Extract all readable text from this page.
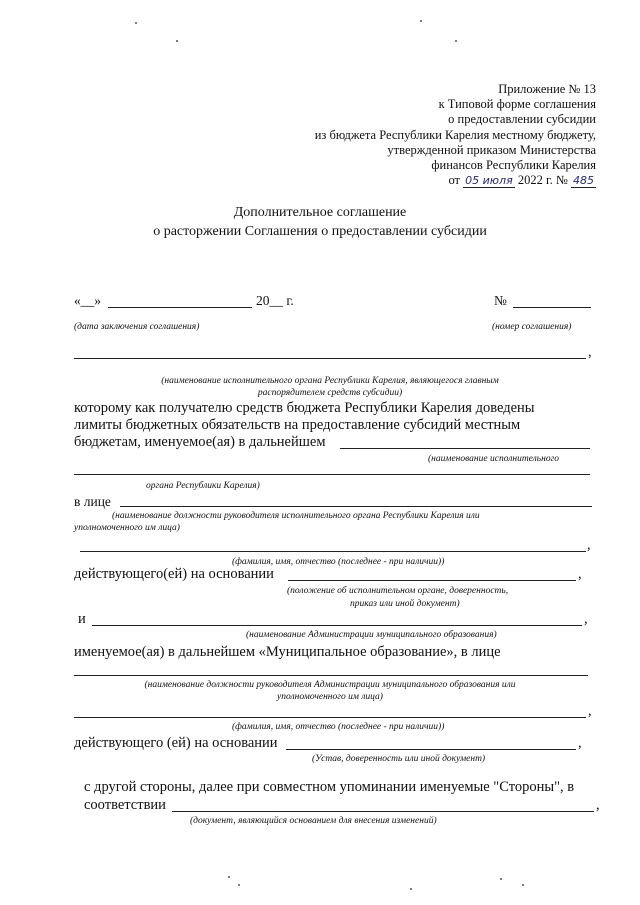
Приложение № 13
к Типовой форме соглашения
о предоставлении субсидии
из бюджета Республики Карелия местному бюджету,
утвержденной приказом Министерства
финансов Республики Карелия
от 05 июля 2022 г. № 485
Дополнительное соглашение
о расторжении Соглашения о предоставлении субсидии
«__»	20__ г.	№
(дата заключения соглашения)	(номер соглашения)
,
(наименование исполнительного органа Республики Карелия, являющегося главным
распорядителем средств субсидии)
которому как получателю средств бюджета Республики Карелия доведены
лимиты бюджетных обязательств на предоставление субсидий местным
бюджетам, именуемое(ая) в дальнейшем
(наименование исполнительного
органа Республики Карелия)
в лице
(наименование должности руководителя исполнительного органа Республики Карелия или
уполномоченного им лица)
,
(фамилия, имя, отчество (последнее - при наличии))
действующего(ей) на основании	,
(положение об исполнительном органе, доверенность,
приказ или иной документ)
и	,
(наименование Администрации муниципального образования)
именуемое(ая) в дальнейшем «Муниципальное образование», в лице
(наименование должности руководителя Администрации муниципального образования или
уполномоченного им лица)
,
(фамилия, имя, отчество (последнее - при наличии))
действующего (ей) на основании	,
(Устав, доверенность или иной документ)
с другой стороны, далее при совместном упоминании именуемые "Стороны", в
соответствии	,
(документ, являющийся основанием для внесения изменений)
